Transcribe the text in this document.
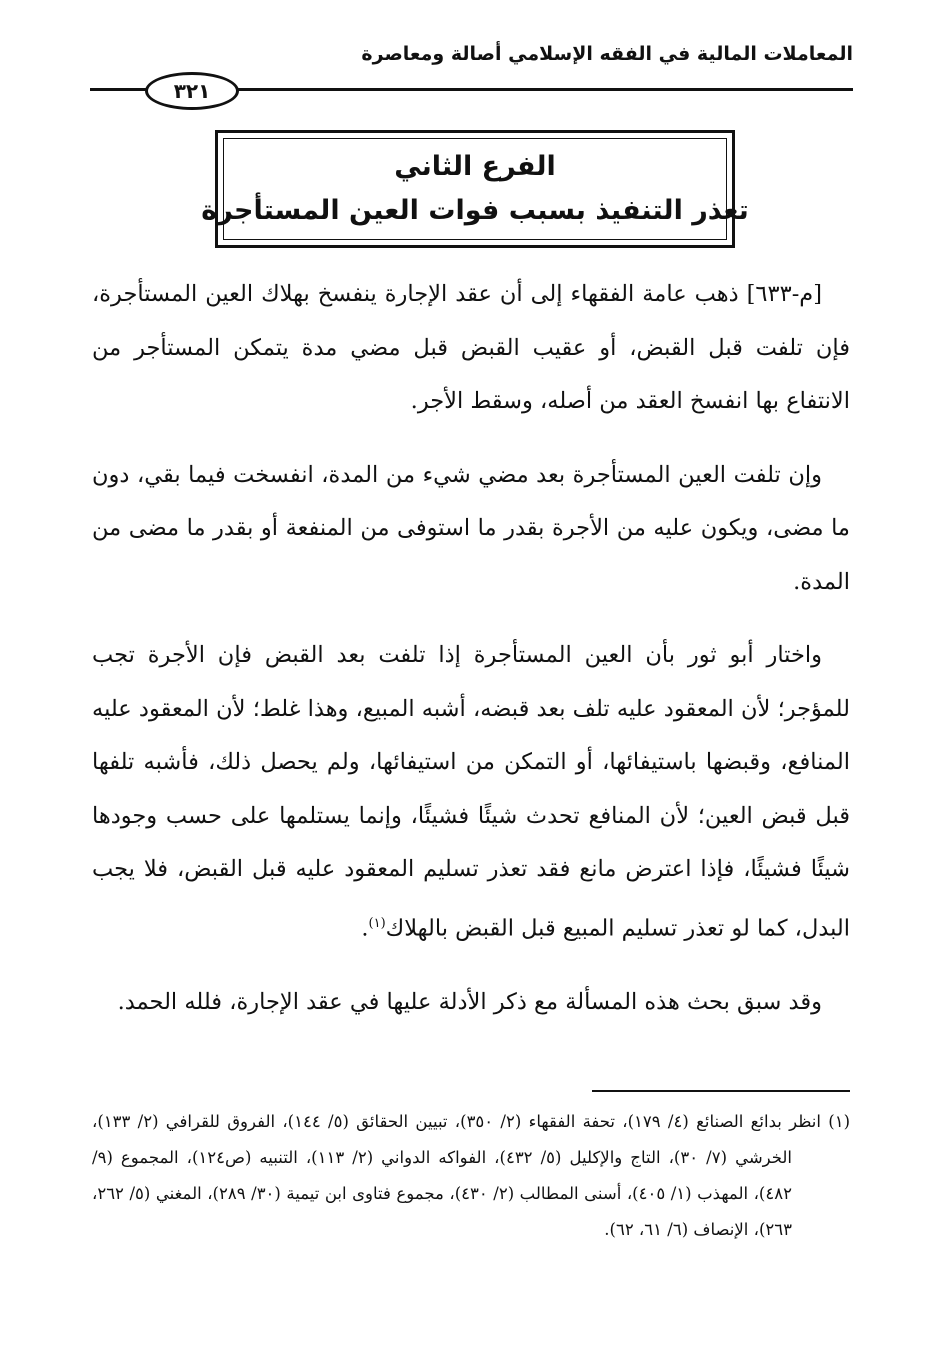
المعاملات المالية في الفقه الإسلامي أصالة ومعاصرة
٣٢١
الفرع الثاني
تعذر التنفيذ بسبب فوات العين المستأجرة

[م-٦٣٣] ذهب عامة الفقهاء إلى أن عقد الإجارة ينفسخ بهلاك العين المستأجرة، فإن تلفت قبل القبض، أو عقيب القبض قبل مضي مدة يتمكن المستأجر من الانتفاع بها انفسخ العقد من أصله، وسقط الأجر.

وإن تلفت العين المستأجرة بعد مضي شيء من المدة، انفسخت فيما بقي، دون ما مضى، ويكون عليه من الأجرة بقدر ما استوفى من المنفعة أو بقدر ما مضى من المدة.

واختار أبو ثور بأن العين المستأجرة إذا تلفت بعد القبض فإن الأجرة تجب للمؤجر؛ لأن المعقود عليه تلف بعد قبضه، أشبه المبيع، وهذا غلط؛ لأن المعقود عليه المنافع، وقبضها باستيفائها، أو التمكن من استيفائها، ولم يحصل ذلك، فأشبه تلفها قبل قبض العين؛ لأن المنافع تحدث شيئًا فشيئًا، وإنما يستلمها على حسب وجودها شيئًا فشيئًا، فإذا اعترض مانع فقد تعذر تسليم المعقود عليه قبل القبض، فلا يجب البدل، كما لو تعذر تسليم المبيع قبل القبض بالهلاك$^{(١)}$.

وقد سبق بحث هذه المسألة مع ذكر الأدلة عليها في عقد الإجارة، فلله الحمد.

(١) انظر بدائع الصنائع (٤/ ١٧٩)، تحفة الفقهاء (٢/ ٣٥٠)، تبيين الحقائق (٥/ ١٤٤)، الفروق للقرافي (٢/ ١٣٣)، الخرشي (٧/ ٣٠)، التاج والإكليل (٥/ ٤٣٢)، الفواكه الدواني (٢/ ١١٣)، التنبيه (ص١٢٤)، المجموع (٩/ ٤٨٢)، المهذب (١/ ٤٠٥)، أسنى المطالب (٢/ ٤٣٠)، مجموع فتاوى ابن تيمية (٣٠/ ٢٨٩)، المغني (٥/ ٢٦٢، ٢٦٣)، الإنصاف (٦/ ٦١، ٦٢).
